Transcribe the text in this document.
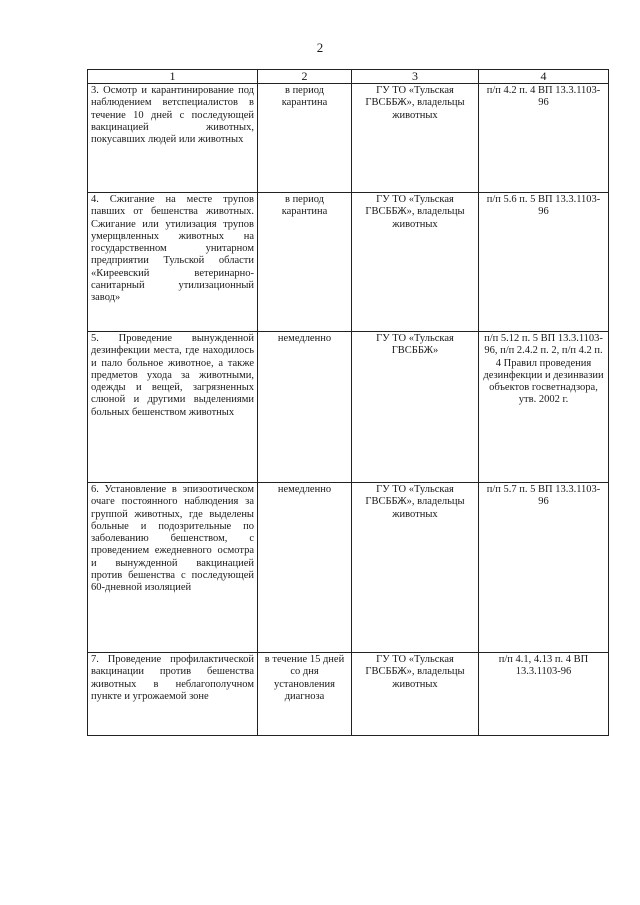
2
1	2	3	4
3. Осмотр и карантинирование под наблюдением ветспециалистов в течение 10 дней с последующей вакцинацией животных, покусавших людей или животных	в период карантина	ГУ ТО «Тульская ГВСББЖ», владельцы животных	п/п 4.2 п. 4 ВП 13.3.1103-96
4. Сжигание на месте трупов павших от бешенства животных. Сжигание или утилизация трупов умерщвленных животных на государственном унитарном предприятии Тульской области «Киреевский ветеринарно-санитарный утилизационный завод»	в период карантина	ГУ ТО «Тульская ГВСББЖ», владельцы животных	п/п 5.6 п. 5 ВП 13.3.1103-96
5. Проведение вынужденной дезинфекции места, где находилось и пало больное животное, а также предметов ухода за животными, одежды и вещей, загрязненных слюной и другими выделениями больных бешенством животных	немедленно	ГУ ТО «Тульская ГВСББЖ»	п/п 5.12 п. 5 ВП 13.3.1103-96, п/п 2.4.2 п. 2, п/п 4.2 п. 4 Правил проведения дезинфекции и дезинвазии объектов госветнадзора, утв. 2002 г.
6. Установление в эпизоотическом очаге постоянного наблюдения за группой животных, где выделены больные и подозрительные по заболеванию бешенством, с проведением ежедневного осмотра и вынужденной вакцинацией против бешенства с последующей 60-дневной изоляцией	немедленно	ГУ ТО «Тульская ГВСББЖ», владельцы животных	п/п 5.7 п. 5 ВП 13.3.1103-96
7. Проведение профилактической вакцинации против бешенства животных в неблагополучном пункте и угрожаемой зоне	в течение 15 дней со дня установления диагноза	ГУ ТО «Тульская ГВСББЖ», владельцы животных	п/п 4.1, 4.13 п. 4 ВП 13.3.1103-96
